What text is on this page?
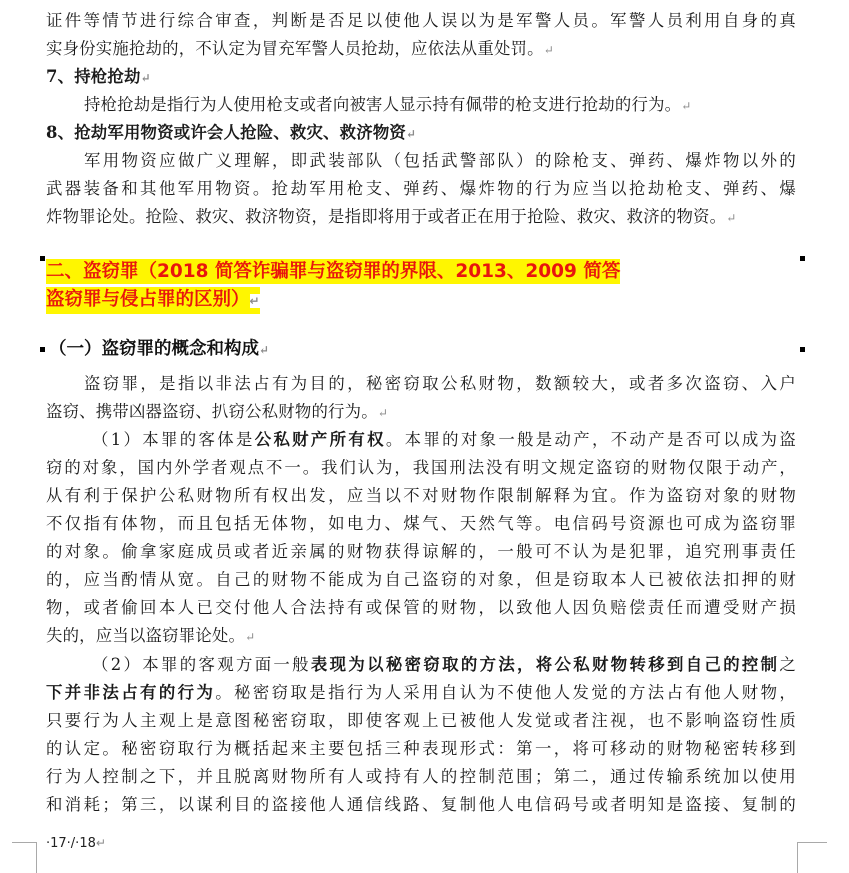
证件等情节进行综合审查，判断是否足以使他人误以为是军警人员。军警人员利用自身的真
实身份实施抢劫的，不认定为冒充军警人员抢劫，应依法从重处罚。↵
7、持枪抢劫↵
持枪抢劫是指行为人使用枪支或者向被害人显示持有佩带的枪支进行抢劫的行为。↵
8、抢劫军用物资或许会人抢险、救灾、救济物资↵
军用物资应做广义理解，即武装部队（包括武警部队）的除枪支、弹药、爆炸物以外的
武器装备和其他军用物资。抢劫军用枪支、弹药、爆炸物的行为应当以抢劫枪支、弹药、爆
炸物罪论处。抢险、救灾、救济物资，是指即将用于或者正在用于抢险、救灾、救济的物资。↵
二、盗窃罪（2018 简答诈骗罪与盗窃罪的界限、2013、2009 简答
盗窃罪与侵占罪的区别）↵
（一）盗窃罪的概念和构成↵
盗窃罪，是指以非法占有为目的，秘密窃取公私财物，数额较大，或者多次盗窃、入户
盗窃、携带凶器盗窃、扒窃公私财物的行为。↵
（1）本罪的客体是公私财产所有权。本罪的对象一般是动产，不动产是否可以成为盗
窃的对象，国内外学者观点不一。我们认为，我国刑法没有明文规定盗窃的财物仅限于动产，
从有利于保护公私财物所有权出发，应当以不对财物作限制解释为宜。作为盗窃对象的财物
不仅指有体物，而且包括无体物，如电力、煤气、天然气等。电信码号资源也可成为盗窃罪
的对象。偷拿家庭成员或者近亲属的财物获得谅解的，一般可不认为是犯罪，追究刑事责任
的，应当酌情从宽。自己的财物不能成为自己盗窃的对象，但是窃取本人已被依法扣押的财
物，或者偷回本人已交付他人合法持有或保管的财物，以致他人因负赔偿责任而遭受财产损
失的，应当以盗窃罪论处。↵
（2）本罪的客观方面一般表现为以秘密窃取的方法，将公私财物转移到自己的控制之
下并非法占有的行为。秘密窃取是指行为人采用自认为不使他人发觉的方法占有他人财物，
只要行为人主观上是意图秘密窃取，即使客观上已被他人发觉或者注视，也不影响盗窃性质
的认定。秘密窃取行为概括起来主要包括三种表现形式：第一，将可移动的财物秘密转移到
行为人控制之下，并且脱离财物所有人或持有人的控制范围；第二，通过传输系统加以使用
和消耗；第三，以谋利目的盗接他人通信线路、复制他人电信码号或者明知是盗接、复制的
·17·/·18↵
